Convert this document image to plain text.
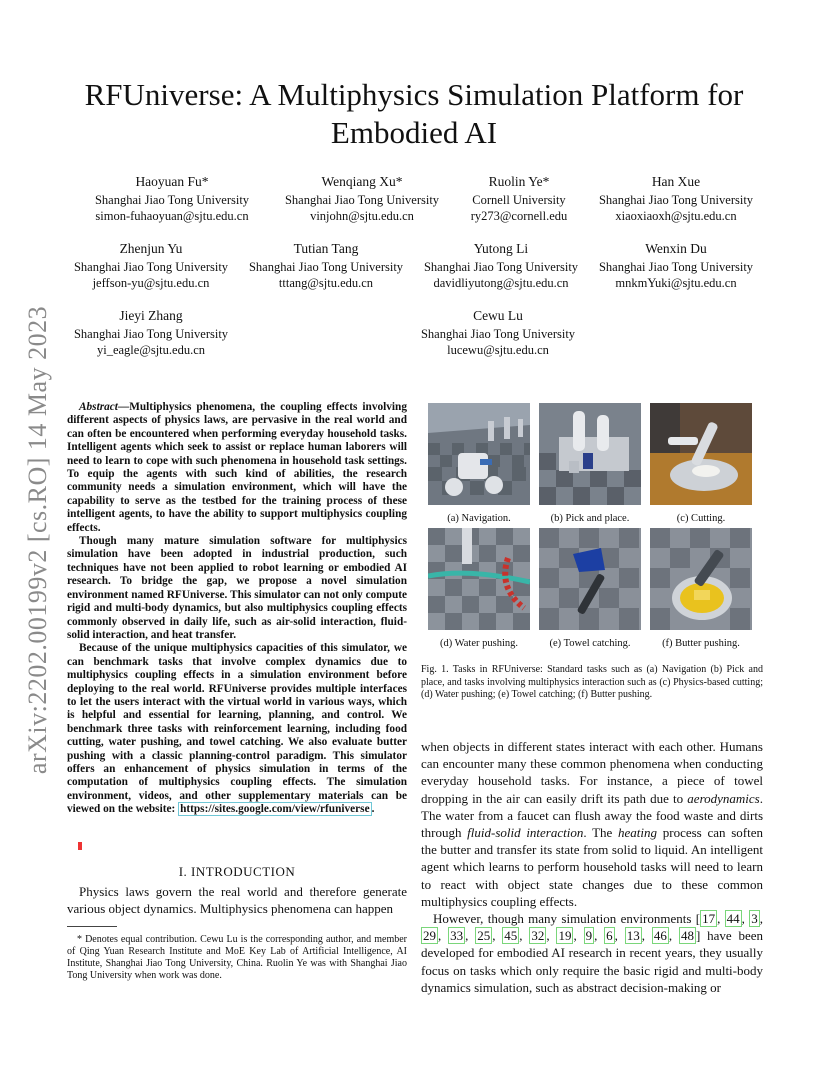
arXiv:2202.00199v2 [cs.RO] 14 May 2023
RFUniverse: A Multiphysics Simulation Platform for Embodied AI
Haoyuan Fu*
Shanghai Jiao Tong University
simon-fuhaoyuan@sjtu.edu.cn
Wenqiang Xu*
Shanghai Jiao Tong University
vinjohn@sjtu.edu.cn
Ruolin Ye*
Cornell University
ry273@cornell.edu
Han Xue
Shanghai Jiao Tong University
xiaoxiaoxh@sjtu.edu.cn
Zhenjun Yu
Shanghai Jiao Tong University
jeffson-yu@sjtu.edu.cn
Tutian Tang
Shanghai Jiao Tong University
tttang@sjtu.edu.cn
Yutong Li
Shanghai Jiao Tong University
davidliyutong@sjtu.edu.cn
Wenxin Du
Shanghai Jiao Tong University
mnkmYuki@sjtu.edu.cn
Jieyi Zhang
Shanghai Jiao Tong University
yi_eagle@sjtu.edu.cn
Cewu Lu
Shanghai Jiao Tong University
lucewu@sjtu.edu.cn

Abstract—Multiphysics phenomena, the coupling effects involving different aspects of physics laws, are pervasive in the real world and can often be encountered when performing everyday household tasks. Intelligent agents which seek to assist or replace human laborers will need to learn to cope with such phenomena in household task settings. To equip the agents with such kind of abilities, the research community needs a simulation environment, which will have the capability to serve as the testbed for the training process of these intelligent agents, to have the ability to support multiphysics coupling effects.

Though many mature simulation software for multiphysics simulation have been adopted in industrial production, such techniques have not been applied to robot learning or embodied AI research. To bridge the gap, we propose a novel simulation environment named RFUniverse. This simulator can not only compute rigid and multi-body dynamics, but also multiphysics coupling effects commonly observed in daily life, such as air-solid interaction, fluid-solid interaction, and heat transfer.

Because of the unique multiphysics capacities of this simulator, we can benchmark tasks that involve complex dynamics due to multiphysics coupling effects in a simulation environment before deploying to the real world. RFUniverse provides multiple interfaces to let the users interact with the virtual world in various ways, which is helpful and essential for learning, planning, and control. We benchmark three tasks with reinforcement learning, including food cutting, water pushing, and towel catching. We also evaluate butter pushing with a classic planning-control paradigm. This simulator offers an enhancement of physics simulation in terms of the computation of multiphysics coupling effects. The simulation environment, videos, and other supplementary materials can be viewed on the website: https://sites.google.com/view/rfuniverse .

I. INTRODUCTION

Physics laws govern the real world and therefore generate various object dynamics. Multiphysics phenomena can happen

* Denotes equal contribution. Cewu Lu is the corresponding author, and member of Qing Yuan Research Institute and MoE Key Lab of Artificial Intelligence, AI Institute, Shanghai Jiao Tong University, China. Ruolin Ye was with Shanghai Jiao Tong University when work was done.

(a) Navigation.	(b) Pick and place.	(c) Cutting.
(d) Water pushing.	(e) Towel catching.	(f) Butter pushing.
Fig. 1. Tasks in RFUniverse: Standard tasks such as (a) Navigation (b) Pick and place, and tasks involving multiphysics interaction such as (c) Physics-based cutting; (d) Water pushing; (e) Towel catching; (f) Butter pushing.

when objects in different states interact with each other. Humans can encounter many these common phenomena when conducting everyday household tasks. For instance, a piece of towel dropping in the air can easily drift its path due to aerodynamics. The water from a faucet can flush away the food waste and dirts through fluid-solid interaction. The heating process can soften the butter and transfer its state from solid to liquid. An intelligent agent which learns to perform household tasks will need to learn to react with object state changes due to these common multiphysics coupling effects.

However, though many simulation environments [ 17 , 44 , 3 , 29 , 33 , 25 , 45 , 32 , 19 , 9 , 6 , 13 , 46 , 48 ] have been developed for embodied AI research in recent years, they usually focus on tasks which only require the basic rigid and multi-body dynamics simulation, such as abstract decision-making or
